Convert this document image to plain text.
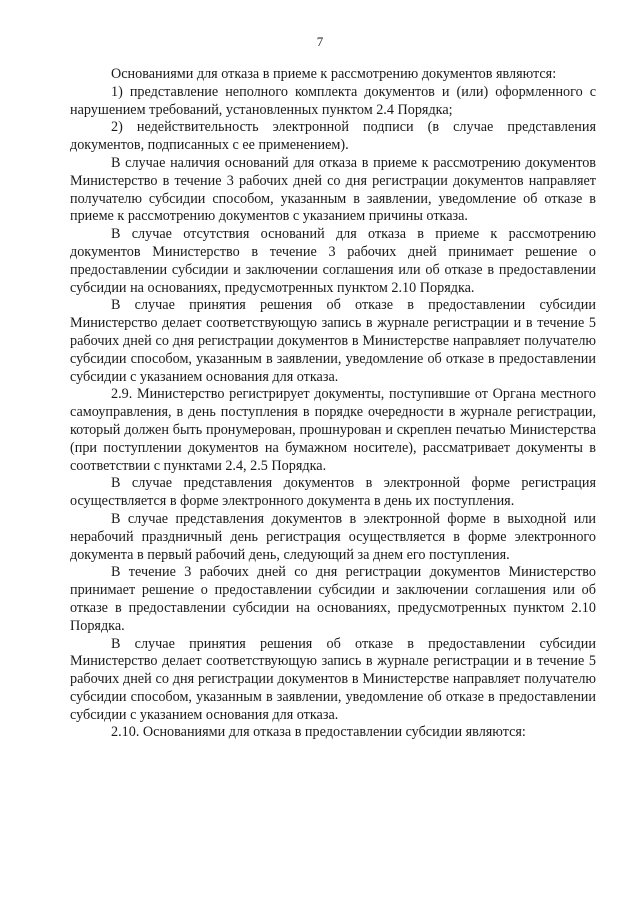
7

Основаниями для отказа в приеме к рассмотрению документов являются:

1) представление неполного комплекта документов и (или) оформленного с нарушением требований, установленных пунктом 2.4 Порядка;

2) недействительность электронной подписи (в случае представления документов, подписанных с ее применением).

В случае наличия оснований для отказа в приеме к рассмотрению документов Министерство в течение 3 рабочих дней со дня регистрации документов направляет получателю субсидии способом, указанным в заявлении, уведомление об отказе в приеме к рассмотрению документов с указанием причины отказа.

В случае отсутствия оснований для отказа в приеме к рассмотрению документов Министерство в течение 3 рабочих дней принимает решение о предоставлении субсидии и заключении соглашения или об отказе в предоставлении субсидии на основаниях, предусмотренных пунктом 2.10 Порядка.

В случае принятия решения об отказе в предоставлении субсидии Министерство делает соответствующую запись в журнале регистрации и в течение 5 рабочих дней со дня регистрации документов в Министерстве направляет получателю субсидии способом, указанным в заявлении, уведомление об отказе в предоставлении субсидии с указанием основания для отказа.

2.9. Министерство регистрирует документы, поступившие от Органа местного самоуправления, в день поступления в порядке очередности в журнале регистрации, который должен быть пронумерован, прошнурован и скреплен печатью Министерства (при поступлении документов на бумажном носителе), рассматривает документы в соответствии с пунктами 2.4, 2.5 Порядка.

В случае представления документов в электронной форме регистрация осуществляется в форме электронного документа в день их поступления.

В случае представления документов в электронной форме в выходной или нерабочий праздничный день регистрация осуществляется в форме электронного документа в первый рабочий день, следующий за днем его поступления.

В течение 3 рабочих дней со дня регистрации документов Министерство принимает решение о предоставлении субсидии и заключении соглашения или об отказе в предоставлении субсидии на основаниях, предусмотренных пунктом 2.10 Порядка.

В случае принятия решения об отказе в предоставлении субсидии Министерство делает соответствующую запись в журнале регистрации и в течение 5 рабочих дней со дня регистрации документов в Министерстве направляет получателю субсидии способом, указанным в заявлении, уведомление об отказе в предоставлении субсидии с указанием основания для отказа.

2.10. Основаниями для отказа в предоставлении субсидии являются:
